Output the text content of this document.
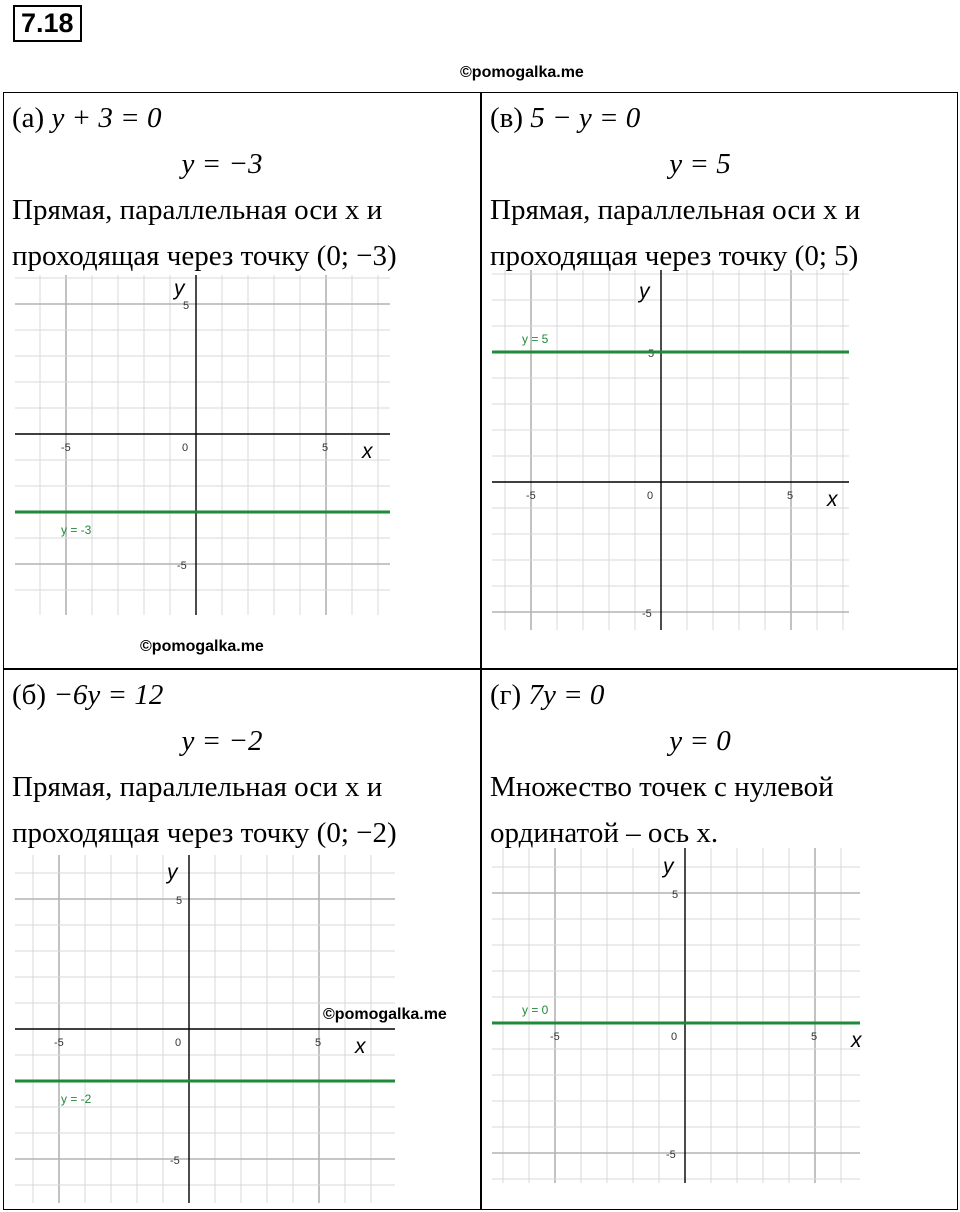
7.18
©pomogalka.me
(а) y + 3 = 0
y = −3
Прямая, параллельная оси x и
проходящая через точку (0; −3)
(в) 5 − y = 0
y = 5
Прямая, параллельная оси x и
проходящая через точку (0; 5)
(б) −6y = 12
y = −2
Прямая, параллельная оси x и
проходящая через точку (0; −2)
(г) 7y = 0
y = 0
Множество точек с нулевой
ординатой – ось x.
0
-5	5
5
-5
x
y
y = -3
0
-5	5
5
-5
x
y
y = 5
0
-5	5
5
-5
x
y
y = -2
0
-5	5
5
-5
x
y
y = 0
©pomogalka.me
©pomogalka.me
